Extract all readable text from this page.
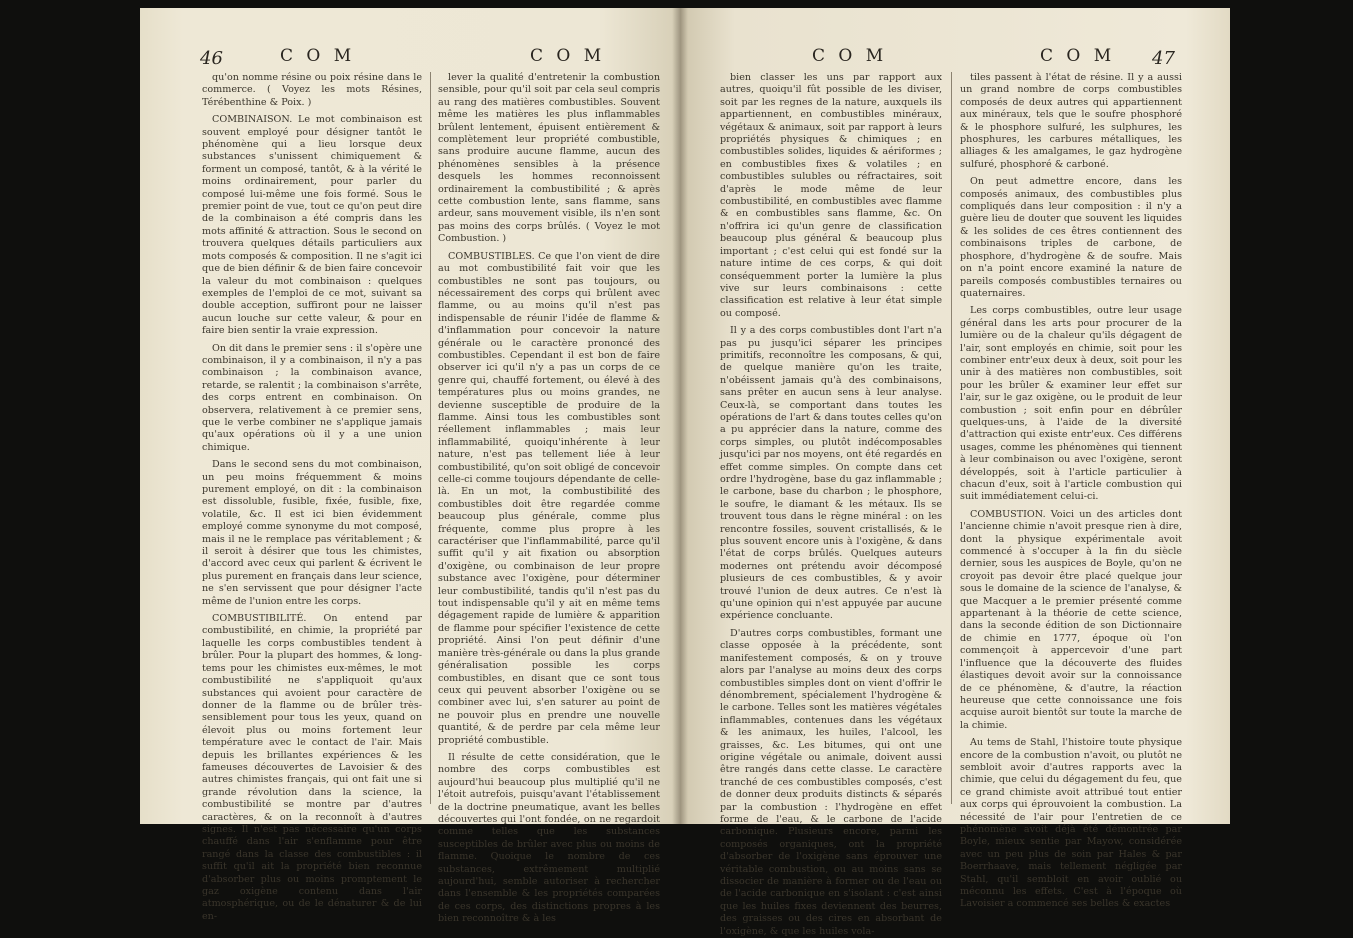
46	C O M	C O M

qu'on nomme résine ou poix résine dans le commerce. ( Voyez les mots Résines, Térébenthine & Poix. )

COMBINAISON. Le mot combinaison est souvent employé pour désigner tantôt le phénomène qui a lieu lorsque deux substances s'unissent chimiquement & forment un composé, tantôt, & à la vérité le moins ordinairement, pour parler du composé lui-même une fois formé. Sous le premier point de vue, tout ce qu'on peut dire de la combinaison a été compris dans les mots affinité & attraction. Sous le second on trouvera quelques détails particuliers aux mots composés & composition. Il ne s'agit ici que de bien définir & de bien faire concevoir la valeur du mot combinaison : quelques exemples de l'emploi de ce mot, suivant sa double acception, suffiront pour ne laisser aucun louche sur cette valeur, & pour en faire bien sentir la vraie expression.

On dit dans le premier sens : il s'opère une combinaison, il y a combinaison, il n'y a pas combinaison ; la combinaison avance, retarde, se ralentit ; la combinaison s'arrête, des corps entrent en combinaison. On observera, relativement à ce premier sens, que le verbe combiner ne s'applique jamais qu'aux opérations où il y a une union chimique.

Dans le second sens du mot combinaison, un peu moins fréquemment & moins purement employé, on dit : la combinaison est dissoluble, fusible, fixée, fusible, fixe, volatile, &c. Il est ici bien évidemment employé comme synonyme du mot composé, mais il ne le remplace pas véritablement ; & il seroit à désirer que tous les chimistes, d'accord avec ceux qui parlent & écrivent le plus purement en français dans leur science, ne s'en servissent que pour désigner l'acte même de l'union entre les corps.

COMBUSTIBILITÉ. On entend par combustibilité, en chimie, la propriété par laquelle les corps combustibles tendent à brûler. Pour la plupart des hommes, & long-tems pour les chimistes eux-mêmes, le mot combustibilité ne s'appliquoit qu'aux substances qui avoient pour caractère de donner de la flamme ou de brûler très-sensiblement pour tous les yeux, quand on élevoit plus ou moins fortement leur température avec le contact de l'air. Mais depuis les brillantes expériences & les fameuses découvertes de Lavoisier & des autres chimistes français, qui ont fait une si grande révolution dans la science, la combustibilité se montre par d'autres caractères, & on la reconnoît à d'autres signes. Il n'est pas nécessaire qu'un corps chauffé dans l'air s'enflamme pour être rangé dans la classe des combustibles : il suffit qu'il ait la propriété bien reconnue d'absorber plus ou moins promptement le gaz oxigène contenu dans l'air atmosphérique, ou de le dénaturer & de lui en-

lever la qualité d'entretenir la combustion sensible, pour qu'il soit par cela seul compris au rang des matières combustibles. Souvent même les matières les plus inflammables brûlent lentement, épuisent entièrement & complètement leur propriété combustible, sans produire aucune flamme, aucun des phénomènes sensibles à la présence desquels les hommes reconnoissent ordinairement la combustibilité ; & après cette combustion lente, sans flamme, sans ardeur, sans mouvement visible, ils n'en sont pas moins des corps brûlés. ( Voyez le mot Combustion. )

COMBUSTIBLES. Ce que l'on vient de dire au mot combustibilité fait voir que les combustibles ne sont pas toujours, ou nécessairement des corps qui brûlent avec flamme, ou au moins qu'il n'est pas indispensable de réunir l'idée de flamme & d'inflammation pour concevoir la nature générale ou le caractère prononcé des combustibles. Cependant il est bon de faire observer ici qu'il n'y a pas un corps de ce genre qui, chauffé fortement, ou élevé à des températures plus ou moins grandes, ne devienne susceptible de produire de la flamme. Ainsi tous les combustibles sont réellement inflammables ; mais leur inflammabilité, quoiqu'inhérente à leur nature, n'est pas tellement liée à leur combustibilité, qu'on soit obligé de concevoir celle-ci comme toujours dépendante de celle-là. En un mot, la combustibilité des combustibles doit être regardée comme beaucoup plus générale, comme plus fréquente, comme plus propre à les caractériser que l'inflammabilité, parce qu'il suffit qu'il y ait fixation ou absorption d'oxigène, ou combinaison de leur propre substance avec l'oxigène, pour déterminer leur combustibilité, tandis qu'il n'est pas du tout indispensable qu'il y ait en même tems dégagement rapide de lumière & apparition de flamme pour spécifier l'existence de cette propriété. Ainsi l'on peut définir d'une manière très-générale ou dans la plus grande généralisation possible les corps combustibles, en disant que ce sont tous ceux qui peuvent absorber l'oxigène ou se combiner avec lui, s'en saturer au point de ne pouvoir plus en prendre une nouvelle quantité, & de perdre par cela même leur propriété combustible.

Il résulte de cette considération, que le nombre des corps combustibles est aujourd'hui beaucoup plus multiplié qu'il ne l'étoit autrefois, puisqu'avant l'établissement de la doctrine pneumatique, avant les belles découvertes qui l'ont fondée, on ne regardoit comme telles que les substances susceptibles de brûler avec plus ou moins de flamme. Quoique le nombre de ces substances, extrêmement multiplié aujourd'hui, semble autoriser à rechercher dans l'ensemble & les propriétés comparées de ces corps, des distinctions propres à les bien reconnoître & à les

C O M	C O M 47

bien classer les uns par rapport aux autres, quoiqu'il fût possible de les diviser, soit par les regnes de la nature, auxquels ils appartiennent, en combustibles minéraux, végétaux & animaux, soit par rapport à leurs propriétés physiques & chimiques ; en combustibles solides, liquides & aériformes ; en combustibles fixes & volatiles ; en combustibles sulubles ou réfractaires, soit d'après le mode même de leur combustibilité, en combustibles avec flamme & en combustibles sans flamme, &c. On n'offrira ici qu'un genre de classification beaucoup plus général & beaucoup plus important ; c'est celui qui est fondé sur la nature intime de ces corps, & qui doit conséquemment porter la lumière la plus vive sur leurs combinaisons : cette classification est relative à leur état simple ou composé.

Il y a des corps combustibles dont l'art n'a pas pu jusqu'ici séparer les principes primitifs, reconnoître les composans, & qui, de quelque manière qu'on les traite, n'obéissent jamais qu'à des combinaisons, sans prêter en aucun sens à leur analyse. Ceux-là, se comportant dans toutes les opérations de l'art & dans toutes celles qu'on a pu apprécier dans la nature, comme des corps simples, ou plutôt indécomposables jusqu'ici par nos moyens, ont été regardés en effet comme simples. On compte dans cet ordre l'hydrogène, base du gaz inflammable ; le carbone, base du charbon ; le phosphore, le soufre, le diamant & les métaux. Ils se trouvent tous dans le règne minéral : on les rencontre fossiles, souvent cristallisés, & le plus souvent encore unis à l'oxigène, & dans l'état de corps brûlés. Quelques auteurs modernes ont prétendu avoir décomposé plusieurs de ces combustibles, & y avoir trouvé l'union de deux autres. Ce n'est là qu'une opinion qui n'est appuyée par aucune expérience concluante.

D'autres corps combustibles, formant une classe opposée à la précédente, sont manifestement composés, & on y trouve alors par l'analyse au moins deux des corps combustibles simples dont on vient d'offrir le dénombrement, spécialement l'hydrogène & le carbone. Telles sont les matières végétales inflammables, contenues dans les végétaux & les animaux, les huiles, l'alcool, les graisses, &c. Les bitumes, qui ont une origine végétale ou animale, doivent aussi être rangés dans cette classe. Le caractère tranché de ces combustibles composés, c'est de donner deux produits distincts & séparés par la combustion : l'hydrogène en effet forme de l'eau, & le carbone de l'acide carbonique. Plusieurs encore, parmi les composés organiques, ont la propriété d'absorber de l'oxigène sans éprouver une véritable combustion, ou au moins sans se dissocier de manière à former ou de l'eau ou de l'acide carbonique en s'isolant : c'est ainsi que les huiles fixes deviennent des beurres, des graisses ou des cires en absorbant de l'oxigène, & que les huiles vola-

tiles passent à l'état de résine. Il y a aussi un grand nombre de corps combustibles composés de deux autres qui appartiennent aux minéraux, tels que le soufre phosphoré & le phosphore sulfuré, les sulphures, les phosphures, les carbures métalliques, les alliages & les amalgames, le gaz hydrogène sulfuré, phosphoré & carboné.

On peut admettre encore, dans les composés animaux, des combustibles plus compliqués dans leur composition : il n'y a guère lieu de douter que souvent les liquides & les solides de ces êtres contiennent des combinaisons triples de carbone, de phosphore, d'hydrogène & de soufre. Mais on n'a point encore examiné la nature de pareils composés combustibles ternaires ou quaternaires.

Les corps combustibles, outre leur usage général dans les arts pour procurer de la lumière ou de la chaleur qu'ils dégagent de l'air, sont employés en chimie, soit pour les combiner entr'eux deux à deux, soit pour les unir à des matières non combustibles, soit pour les brûler & examiner leur effet sur l'air, sur le gaz oxigène, ou le produit de leur combustion ; soit enfin pour en débrûler quelques-uns, à l'aide de la diversité d'attraction qui existe entr'eux. Ces différens usages, comme les phénomènes qui tiennent à leur combinaison ou avec l'oxigène, seront développés, soit à l'article particulier à chacun d'eux, soit à l'article combustion qui suit immédiatement celui-ci.

COMBUSTION. Voici un des articles dont l'ancienne chimie n'avoit presque rien à dire, dont la physique expérimentale avoit commencé à s'occuper à la fin du siècle dernier, sous les auspices de Boyle, qu'on ne croyoit pas devoir être placé quelque jour sous le domaine de la science de l'analyse, & que Macquer a le premier présenté comme appartenant à la théorie de cette science, dans la seconde édition de son Dictionnaire de chimie en 1777, époque où l'on commençoit à appercevoir d'une part l'influence que la découverte des fluides élastiques devoit avoir sur la connoissance de ce phénomène, & d'autre, la réaction heureuse que cette connoissance une fois acquise auroit bientôt sur toute la marche de la chimie.

Au tems de Stahl, l'histoire toute physique encore de la combustion n'avoit, ou plutôt ne sembloit avoir d'autres rapports avec la chimie, que celui du dégagement du feu, que ce grand chimiste avoit attribué tout entier aux corps qui éprouvoient la combustion. La nécessité de l'air pour l'entretien de ce phénomène avoit déjà été démontrée par Boyle, mieux sentie par Mayow, considérée avec un peu plus de soin par Hales & par Boerrhaave, mais tellement négligée par Stahl, qu'il sembloit en avoir oublié ou méconnu les effets. C'est à l'époque où Lavoisier a commencé ses belles & exactes
